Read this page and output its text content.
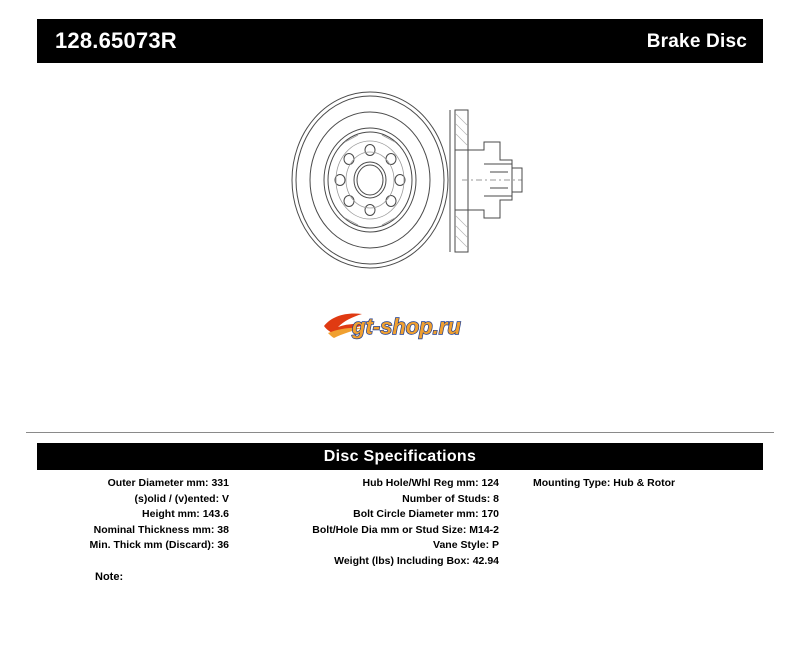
128.65073R	Brake Disc
gt-shop.ru
Disc Specifications
Outer Diameter mm: 331
(s)olid / (v)ented: V
Height mm: 143.6
Nominal Thickness mm: 38
Min. Thick mm (Discard): 36
Hub Hole/Whl Reg mm: 124
Number of Studs: 8
Bolt Circle Diameter mm: 170
Bolt/Hole Dia mm or Stud Size: M14-2
Vane Style: P
Weight (lbs) Including Box: 42.94
Mounting Type: Hub & Rotor
Note:
